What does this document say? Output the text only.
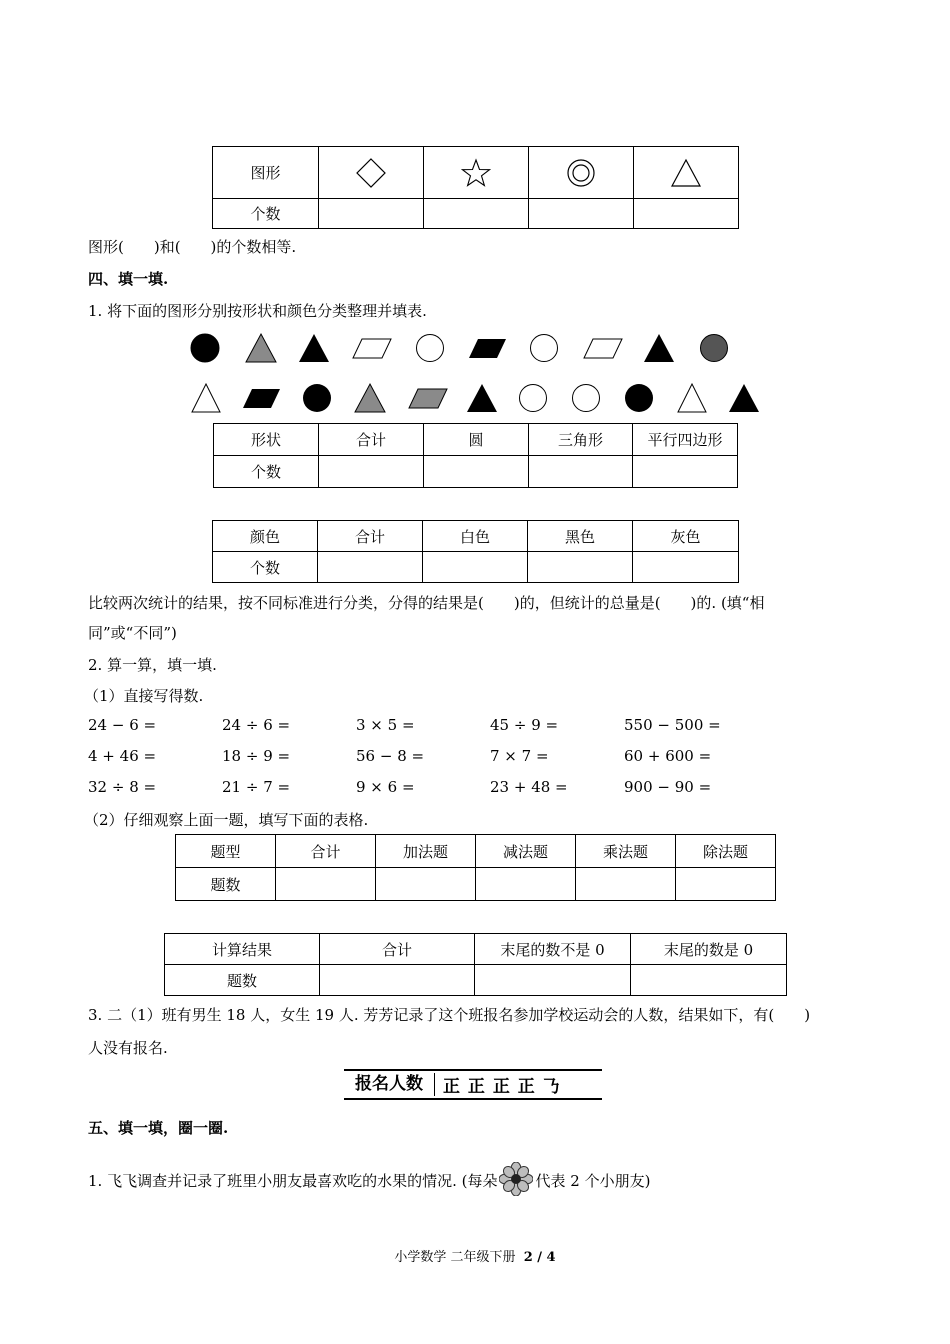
图形	

个数				
图形(　　)和(　　)的个数相等.
四、填一填.
1. 将下面的图形分别按形状和颜色分类整理并填表.
形状	合计	圆	三角形	平行四边形
个数				
颜色	合计	白色	黑色	灰色
个数				
比较两次统计的结果，按不同标准进行分类，分得的结果是(　　)的，但统计的总量是(　　)的. (填“相
同”或“不同”)
2. 算一算，填一填.
（1）直接写得数.
24 − 6 =	24 ÷ 6 =	3 × 5 =	45 ÷ 9 =	550 − 500 =
4 + 46 =	18 ÷ 9 =	56 − 8 =	7 × 7 =	60 + 600 =
32 ÷ 8 =	21 ÷ 7 =	9 × 6 =	23 + 48 =	900 − 90 =
（2）仔细观察上面一题，填写下面的表格.
题型	合计	加法题	减法题	乘法题	除法题
题数					
计算结果	合计	末尾的数不是 0	末尾的数是 0
题数			
3. 二（1）班有男生 18 人，女生 19 人. 芳芳记录了这个班报名参加学校运动会的人数，结果如下，有(　　)
人没有报名.
报名人数	正 正 正 正 𠄎
五、填一填，圈一圈.
1. 飞飞调查并记录了班里小朋友最喜欢吃的水果的情况. (每朵	代表 2 个小朋友)
小学数学 二年级下册 2 / 4
